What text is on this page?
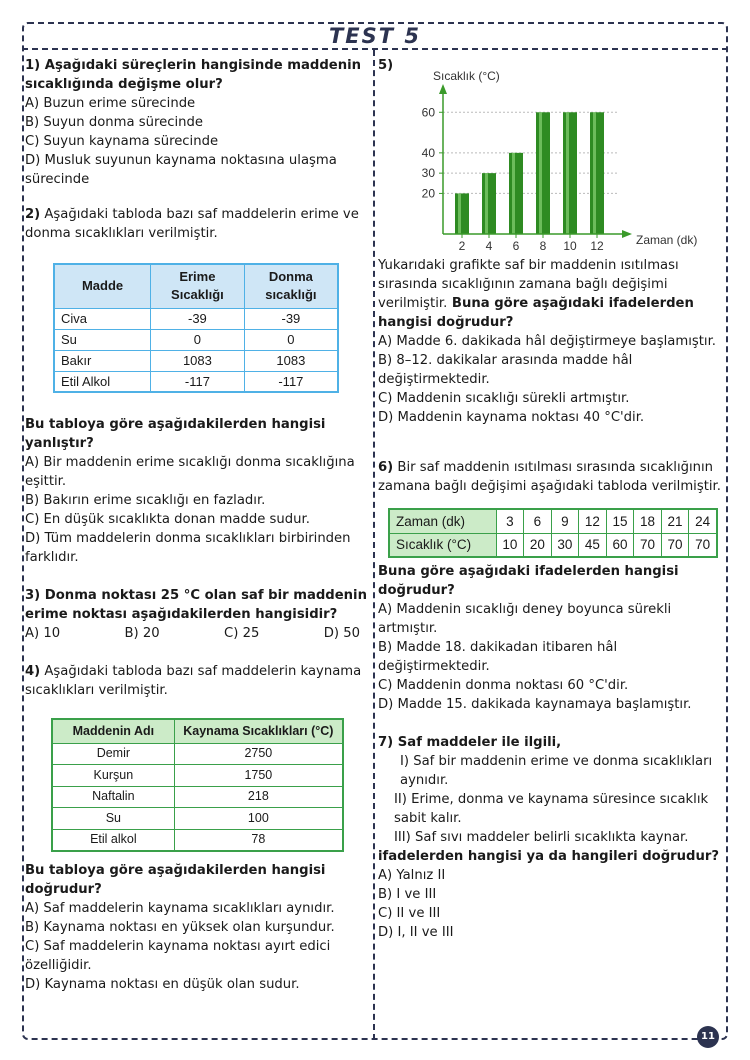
TEST 5
1) Aşağıdaki süreçlerin hangisinde maddenin sıcaklığında değişme olur?
A) Buzun erime sürecinde
B) Suyun donma sürecinde
C) Suyun kaynama sürecinde
D) Musluk suyunun kaynama noktasına ulaşma sürecinde
2) Aşağıdaki tabloda bazı saf maddelerin erime ve donma sıcaklıkları verilmiştir.
Madde	Erime Sıcaklığı	Donma sıcaklığı
Civa	-39	-39
Su	0	0
Bakır	1083	1083
Etil Alkol	-117	-117
Bu tabloya göre aşağıdakilerden hangisi yanlıştır?
A) Bir maddenin erime sıcaklığı donma sıcaklığına eşittir.
B) Bakırın erime sıcaklığı en fazladır.
C) En düşük sıcaklıkta donan madde sudur.
D) Tüm maddelerin donma sıcaklıkları birbirinden farklıdır.
3) Donma noktası 25 °C olan saf bir maddenin erime noktası aşağıdakilerden hangisidir?
A) 10	B) 20	C) 25	D) 50
4) Aşağıdaki tabloda bazı saf maddelerin kaynama sıcaklıkları verilmiştir.
Maddenin Adı	Kaynama Sıcaklıkları (°C)
Demir	2750
Kurşun	1750
Naftalin	218
Su	100
Etil alkol	78
Bu tabloya göre aşağıdakilerden hangisi doğrudur?
A) Saf maddelerin kaynama sıcaklıkları aynıdır.
B) Kaynama noktası en yüksek olan kurşundur.
C) Saf maddelerin kaynama noktası ayırt edici özelliğidir.
D) Kaynama noktası en düşük olan sudur.
5)
Sıcaklık (°C)
Zaman (dk)
20
30
40
60
2 4 6 8 10 12
Yukarıdaki grafikte saf bir maddenin ısıtılması sırasında sıcaklığının zamana bağlı değişimi verilmiştir. Buna göre aşağıdaki ifadelerden hangisi doğrudur?
A) Madde 6. dakikada hâl değiştirmeye başlamıştır.
B) 8–12. dakikalar arasında madde hâl değiştirmektedir.
C) Maddenin sıcaklığı sürekli artmıştır.
D) Maddenin kaynama noktası 40 °C'dir.
6) Bir saf maddenin ısıtılması sırasında sıcaklığının zamana bağlı değişimi aşağıdaki tabloda verilmiştir.
Zaman (dk)	3	6	9	12	15	18	21	24
Sıcaklık (°C)	10	20	30	45	60	70	70	70
Buna göre aşağıdaki ifadelerden hangisi doğrudur?
A) Maddenin sıcaklığı deney boyunca sürekli artmıştır.
B) Madde 18. dakikadan itibaren hâl değiştirmektedir.
C) Maddenin donma noktası 60 °C'dir.
D) Madde 15. dakikada kaynamaya başlamıştır.
7) Saf maddeler ile ilgili,
I) Saf bir maddenin erime ve donma sıcaklıkları aynıdır.
II) Erime, donma ve kaynama süresince sıcaklık sabit kalır.
III) Saf sıvı maddeler belirli sıcaklıkta kaynar.
ifadelerden hangisi ya da hangileri doğrudur?
A) Yalnız II
B) I ve III
C) II ve III
D) I, II ve III
11
